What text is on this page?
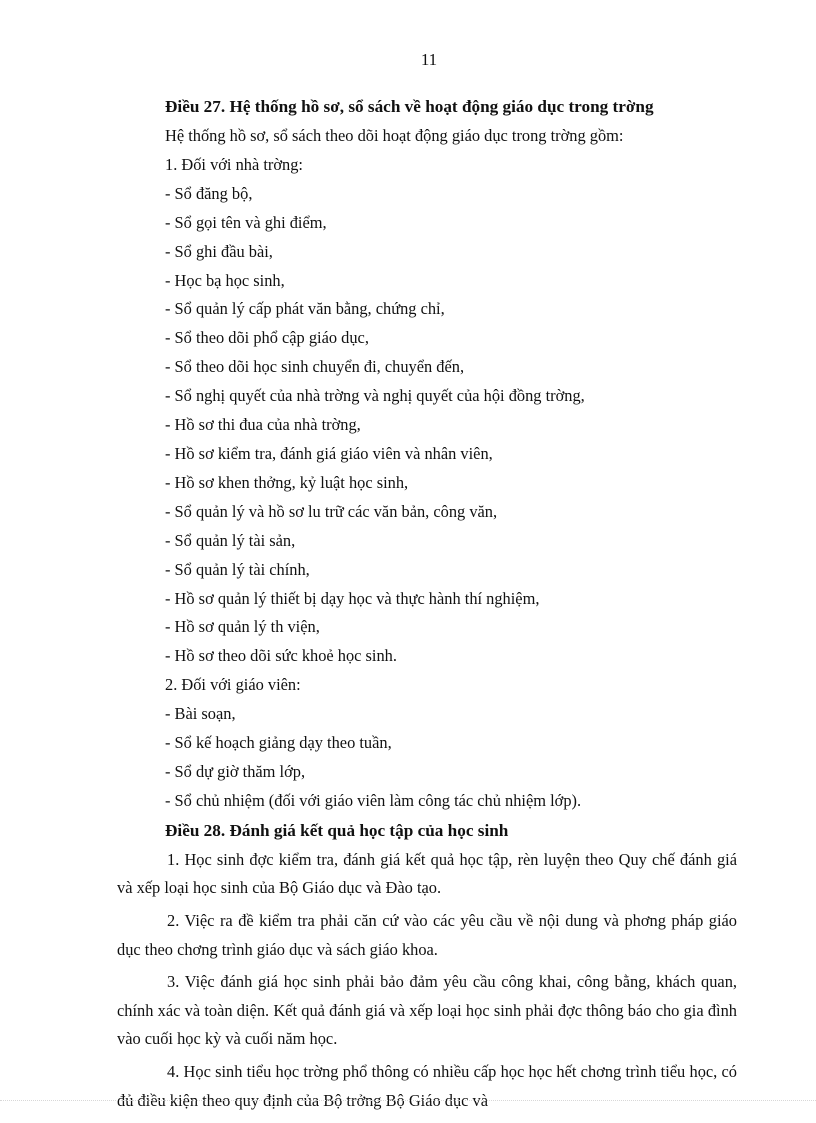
11
Điều 27. Hệ thống hồ sơ, sổ sách về hoạt động giáo dục trong trờng
Hệ thống hồ sơ, sổ sách theo dõi hoạt động giáo dục trong trờng gồm:
1. Đối với nhà trờng:
- Sổ đăng bộ,
- Sổ gọi tên và ghi điểm,
- Sổ ghi đầu bài,
- Học bạ học sinh,
- Sổ quản lý cấp phát văn bằng, chứng chỉ,
- Sổ theo dõi phổ cập giáo dục,
- Sổ theo dõi học sinh chuyển đi, chuyển đến,
- Sổ nghị quyết của nhà trờng và nghị quyết của hội đồng trờng,
- Hồ sơ thi đua của nhà trờng,
- Hồ sơ kiểm tra, đánh giá giáo viên và nhân viên,
- Hồ sơ khen thởng, kỷ luật học sinh,
- Sổ quản lý và hồ sơ lu trữ các văn bản, công văn,
- Sổ quản lý tài sản,
- Sổ quản lý tài chính,
- Hồ sơ quản lý thiết bị dạy học và thực hành thí nghiệm,
- Hồ sơ quản lý th viện,
- Hồ sơ theo dõi sức khoẻ học sinh.
2. Đối với giáo viên:
- Bài soạn,
- Sổ kế hoạch giảng dạy theo tuần,
- Sổ dự giờ thăm lớp,
- Sổ chủ nhiệm (đối với giáo viên làm công tác chủ nhiệm lớp).
Điều 28. Đánh giá kết quả học tập của học sinh
1. Học sinh đợc kiểm tra, đánh giá kết quả học tập, rèn luyện theo Quy chế đánh giá và xếp loại học sinh của Bộ Giáo dục và Đào tạo.
2. Việc ra đề kiểm tra phải căn cứ vào các yêu cầu về nội dung và phơng pháp giáo dục theo chơng trình giáo dục và sách giáo khoa.
3. Việc đánh giá học sinh phải bảo đảm yêu cầu công khai, công bằng, khách quan, chính xác và toàn diện. Kết quả đánh giá và xếp loại học sinh phải đợc thông báo cho gia đình vào cuối học kỳ và cuối năm học.
4. Học sinh tiểu học trờng phổ thông có nhiều cấp học học hết chơng trình tiểu học, có đủ điều kiện theo quy định của Bộ trởng Bộ Giáo dục và
